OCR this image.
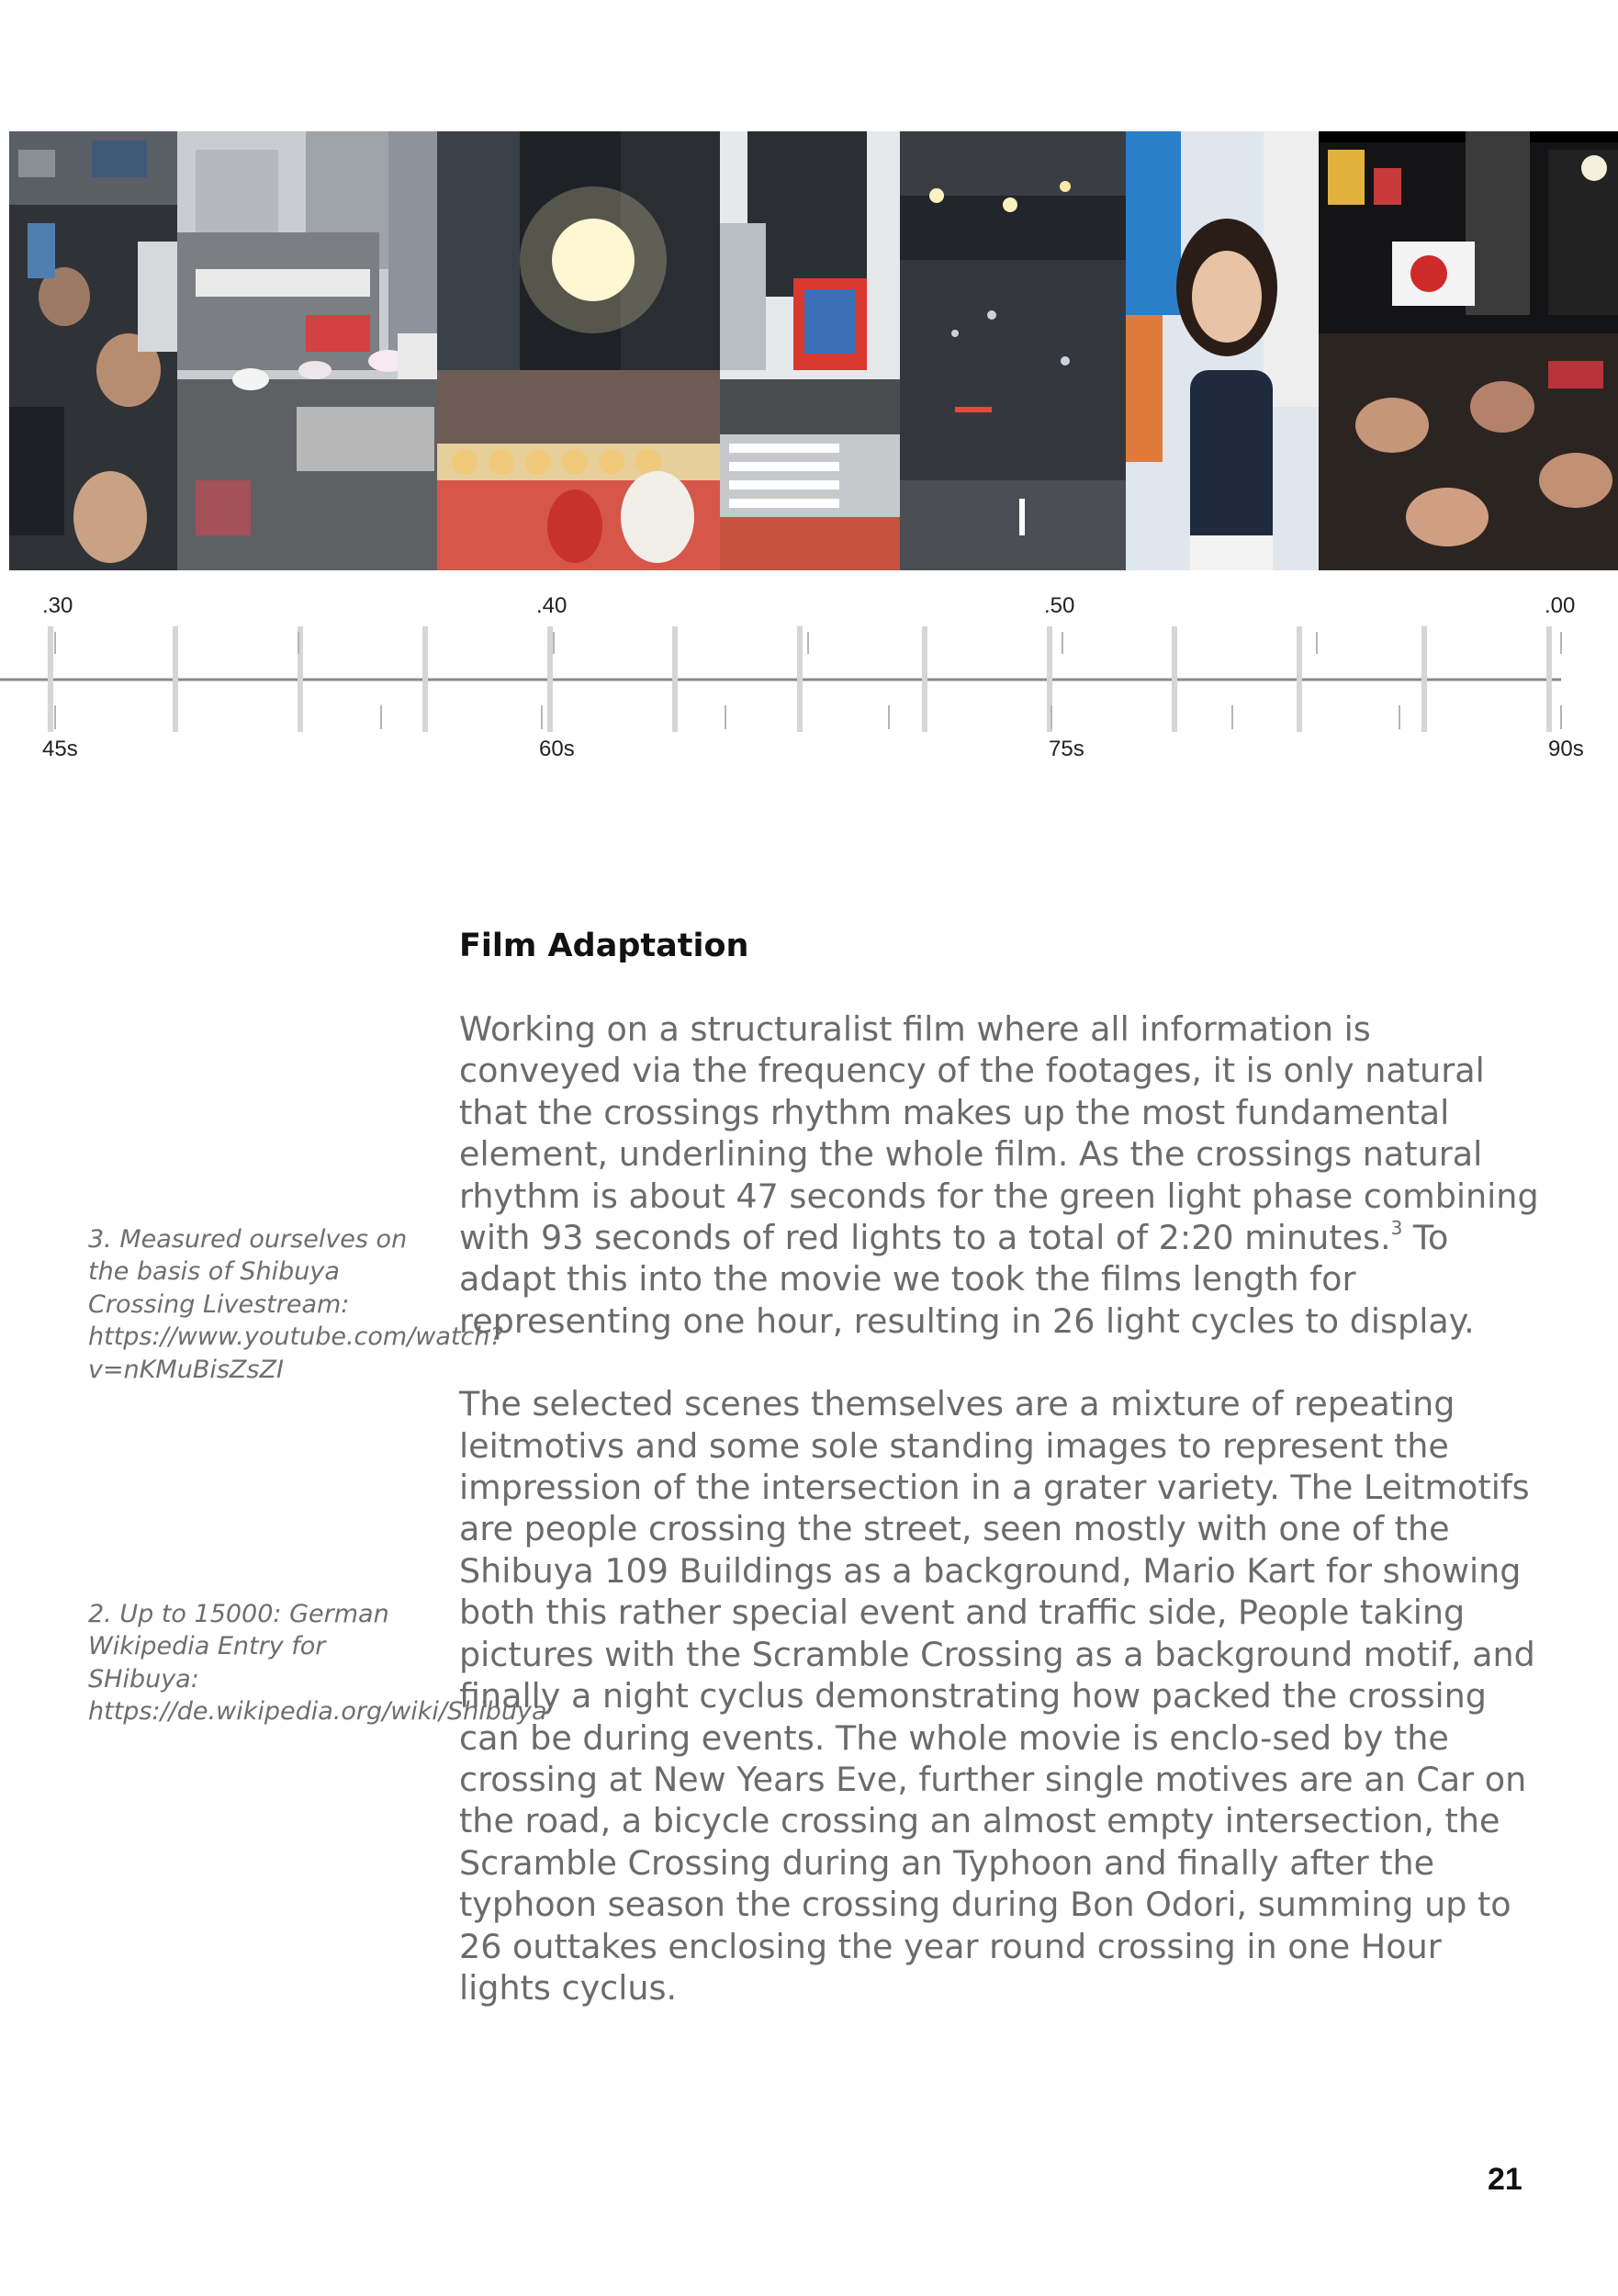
.30	.40	.50	.00
45s	60s	75s	90s
Film Adaptation

Working on a structuralist film where all information is conveyed via the frequency of the footages, it is only natural that the crossings rhythm makes up the most fundamental element, underlining the whole film. As the crossings natural rhythm is about 47 seconds for the green light phase combining with 93 seconds of red lights to a total of 2:20 minutes.$^3$ To adapt this into the movie we took the films length for representing one hour, resulting in 26 light cycles to display.

The selected scenes themselves are a mixture of repeating leitmotivs and some sole standing images to represent the impression of the intersection in a grater variety. The Leitmotifs are people crossing the street, seen mostly with one of the Shibuya 109 Buildings as a background, Mario Kart for showing both this rather special event and traffic side, People taking pictures with the Scramble Crossing as a background motif, and finally a night cyclus demonstrating how packed the crossing can be during events. The whole movie is enclo-sed by the crossing at New Years Eve, further single motives are an Car on the road, a bicycle crossing an almost empty intersection, the Scramble Crossing during an Typhoon and finally after the typhoon season the crossing during Bon Odori, summing up to 26 outtakes enclosing the year round crossing in one Hour lights cyclus.

3. Measured ourselves on the basis of Shibuya Crossing Livestream: https://www.youtube.com/watch?v=nKMuBisZsZI
2. Up to 15000: German Wikipedia Entry for SHibuya: https://de.wikipedia.org/wiki/Shibuya
21
